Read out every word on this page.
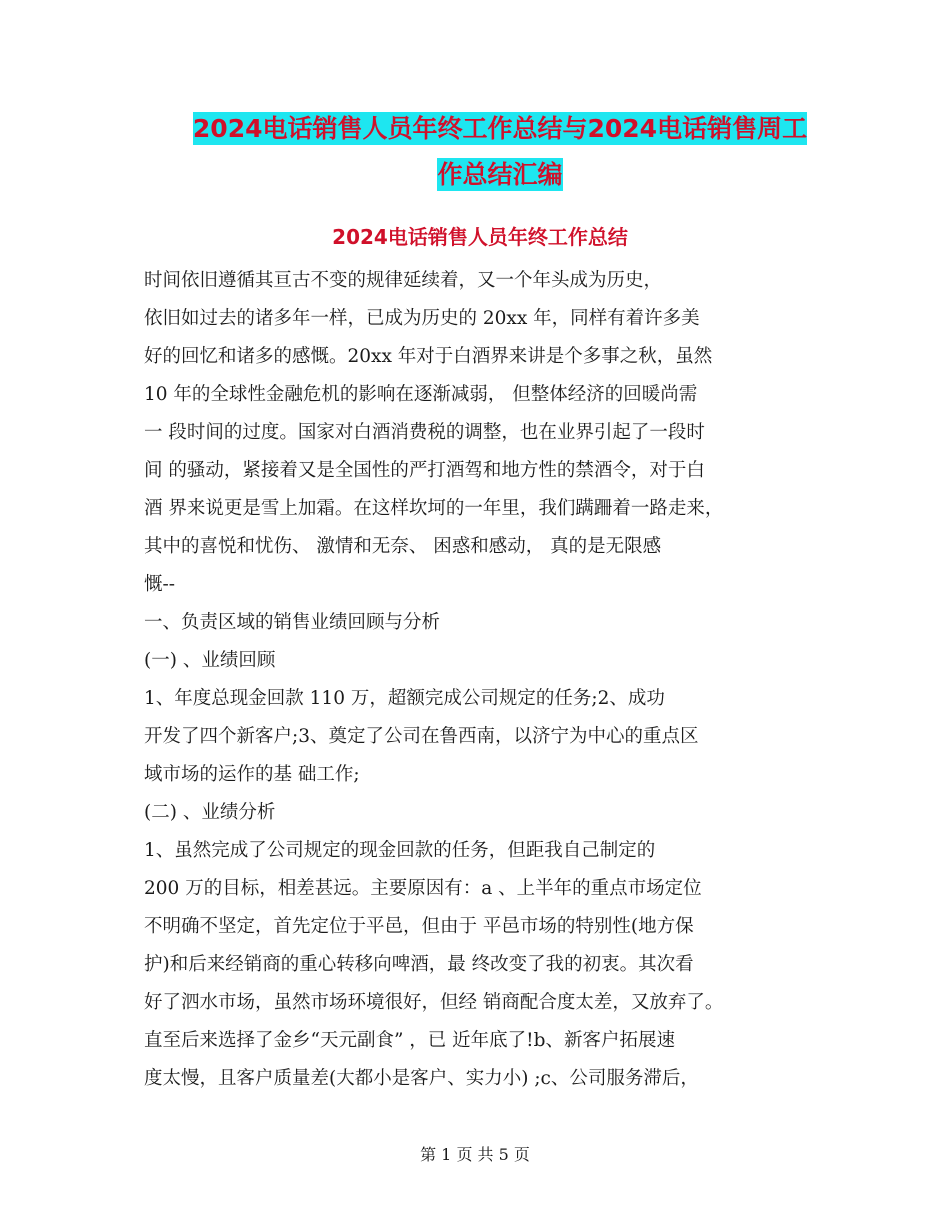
2024电话销售人员年终工作总结与2024电话销售周工
作总结汇编
2024电话销售人员年终工作总结
时间依旧遵循其亘古不变的规律延续着，又一个年头成为历史，
依旧如过去的诸多年一样，已成为历史的 20xx 年，同样有着许多美
好的回忆和诸多的感慨。20xx 年对于白酒界来讲是个多事之秋，虽然
10 年的全球性金融危机的影响在逐渐减弱， 但整体经济的回暖尚需
一 段时间的过度。国家对白酒消费税的调整，也在业界引起了一段时
间 的骚动，紧接着又是全国性的严打酒驾和地方性的禁酒令，对于白
酒 界来说更是雪上加霜。在这样坎坷的一年里，我们蹒跚着一路走来，
其中的喜悦和忧伤、 激情和无奈、 困惑和感动， 真的是无限感
慨--
一、负责区域的销售业绩回顾与分析
(一) 、业绩回顾
1、年度总现金回款 110 万，超额完成公司规定的任务;2、成功
开发了四个新客户;3、奠定了公司在鲁西南，以济宁为中心的重点区
域市场的运作的基 础工作;
(二) 、业绩分析
1、虽然完成了公司规定的现金回款的任务，但距我自己制定的
200 万的目标，相差甚远。主要原因有：a 、上半年的重点市场定位
不明确不坚定，首先定位于平邑，但由于 平邑市场的特别性(地方保
护)和后来经销商的重心转移向啤酒，最 终改变了我的初衷。其次看
好了泗水市场，虽然市场环境很好，但经 销商配合度太差，又放弃了。
直至后来选择了金乡“天元副食” ，已 近年底了!b、新客户拓展速
度太慢，且客户质量差(大都小是客户、实力小) ;c、公司服务滞后，
第 1 页 共 5 页
